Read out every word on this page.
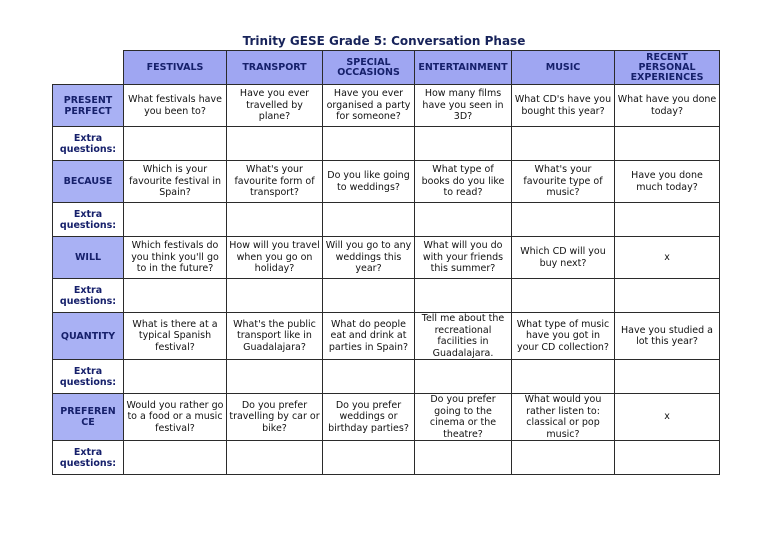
Trinity GESE Grade 5: Conversation Phase
	FESTIVALS	TRANSPORT	SPECIAL OCCASIONS	ENTERTAINMENT	MUSIC	RECENT PERSONAL EXPERIENCES
PRESENT PERFECT	What festivals have you been to?	Have you ever travelled by plane?	Have you ever organised a party for someone?	How many films have you seen in 3D?	What CD's have you bought this year?	What have you done today?
Extra questions:						
BECAUSE	Which is your favourite festival in Spain?	What's your favourite form of transport?	Do you like going to weddings?	What type of books do you like to read?	What's your favourite type of music?	Have you done much today?
Extra questions:						
WILL	Which festivals do you think you'll go to in the future?	How will you travel when you go on holiday?	Will you go to any weddings this year?	What will you do with your friends this summer?	Which CD will you buy next?	x
Extra questions:						
QUANTITY	What is there at a typical Spanish festival?	What's the public transport like in Guadalajara?	What do people eat and drink at parties in Spain?	Tell me about the recreational facilities in Guadalajara.	What type of music have you got in your CD collection?	Have you studied a lot this year?
Extra questions:						
PREFEREN CE	Would you rather go to a food or a music festival?	Do you prefer travelling by car or bike?	Do you prefer weddings or birthday parties?	Do you prefer going to the cinema or the theatre?	What would you rather listen to: classical or pop music?	x
Extra questions:						
